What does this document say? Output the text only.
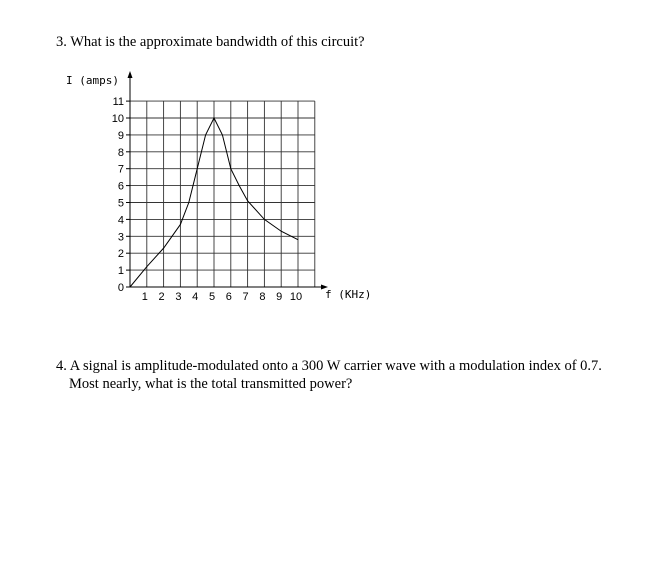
3. What is the approximate bandwidth of this circuit?
0
1
2
3
4
5
6
7
8
9
10
11
1 2 3 4 5 6 7 8 9 10
I (amps)
f (KHz)
4. A signal is amplitude-modulated onto a 300 W carrier wave with a modulation index of 0.7.
Most nearly, what is the total transmitted power?
